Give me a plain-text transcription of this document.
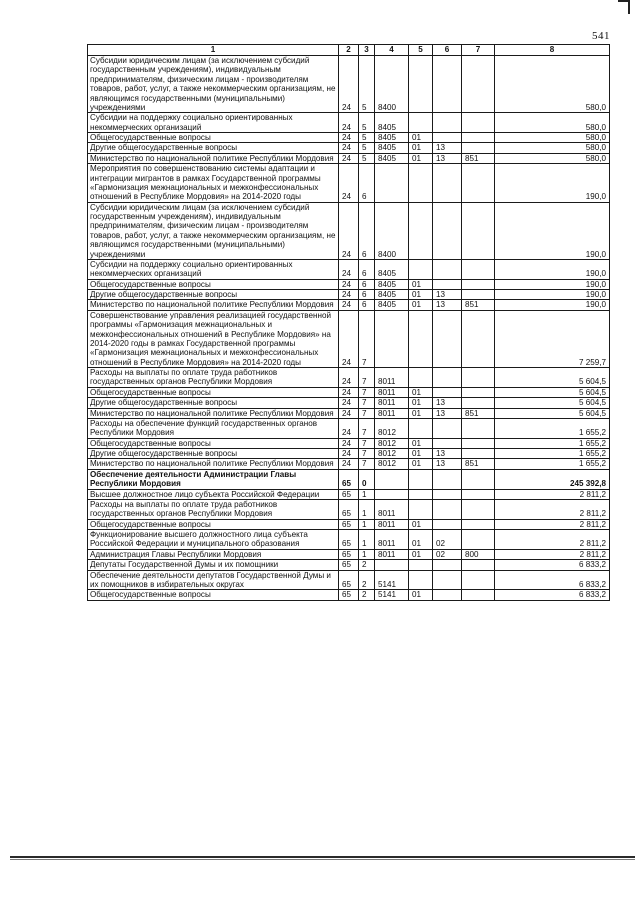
541
1	2	3	4	5	6	7	8
Субсидии юридическим лицам (за исключением субсидий государственным учреждениям), индивидуальным предпринимателям, физическим лицам - производителям товаров, работ, услуг, а также некоммерческим организациям, не являющимся государственными (муниципальными) учреждениями	24	5	8400				580,0
Субсидии на поддержку социально ориентированных некоммерческих организаций	24	5	8405				580,0
Общегосударственные вопросы	24	5	8405	01			580,0
Другие общегосударственные вопросы	24	5	8405	01	13		580,0
Министерство по национальной политике Республики Мордовия	24	5	8405	01	13	851	580,0
Мероприятия по совершенствованию системы адаптации и интеграции мигрантов в рамках Государственной программы «Гармонизация межнациональных и межконфессиональных отношений в Республике Мордовия» на 2014-2020 годы	24	6					190,0
Субсидии юридическим лицам (за исключением субсидий государственным учреждениям), индивидуальным предпринимателям, физическим лицам - производителям товаров, работ, услуг, а также некоммерческим организациям, не являющимся государственными (муниципальными) учреждениями	24	6	8400				190,0
Субсидии на поддержку социально ориентированных некоммерческих организаций	24	6	8405				190,0
Общегосударственные вопросы	24	6	8405	01			190,0
Другие общегосударственные вопросы	24	6	8405	01	13		190,0
Министерство по национальной политике Республики Мордовия	24	6	8405	01	13	851	190,0
Совершенствование управления реализацией государственной программы «Гармонизация межнациональных и межконфессиональных отношений в Республике Мордовия» на 2014-2020 годы в рамках Государственной программы «Гармонизация межнациональных и межконфессиональных отношений в Республике Мордовия» на 2014-2020 годы	24	7					7 259,7
Расходы на выплаты по оплате труда работников государственных органов Республики Мордовия	24	7	8011				5 604,5
Общегосударственные вопросы	24	7	8011	01			5 604,5
Другие общегосударственные вопросы	24	7	8011	01	13		5 604,5
Министерство по национальной политике Республики Мордовия	24	7	8011	01	13	851	5 604,5
Расходы на обеспечение функций государственных органов Республики Мордовия	24	7	8012				1 655,2
Общегосударственные вопросы	24	7	8012	01			1 655,2
Другие общегосударственные вопросы	24	7	8012	01	13		1 655,2
Министерство по национальной политике Республики Мордовия	24	7	8012	01	13	851	1 655,2
Обеспечение деятельности Администрации Главы Республики Мордовия	65	0					245 392,8
Высшее должностное лицо субъекта Российской Федерации	65	1					2 811,2
Расходы на выплаты по оплате труда работников государственных органов Республики Мордовия	65	1	8011				2 811,2
Общегосударственные вопросы	65	1	8011	01			2 811,2
Функционирование высшего должностного лица субъекта Российской Федерации и муниципального образования	65	1	8011	01	02		2 811,2
Администрация Главы Республики Мордовия	65	1	8011	01	02	800	2 811,2
Депутаты Государственной Думы и их помощники	65	2					6 833,2
Обеспечение деятельности депутатов Государственной Думы и их помощников в избирательных округах	65	2	5141				6 833,2
Общегосударственные вопросы	65	2	5141	01			6 833,2
